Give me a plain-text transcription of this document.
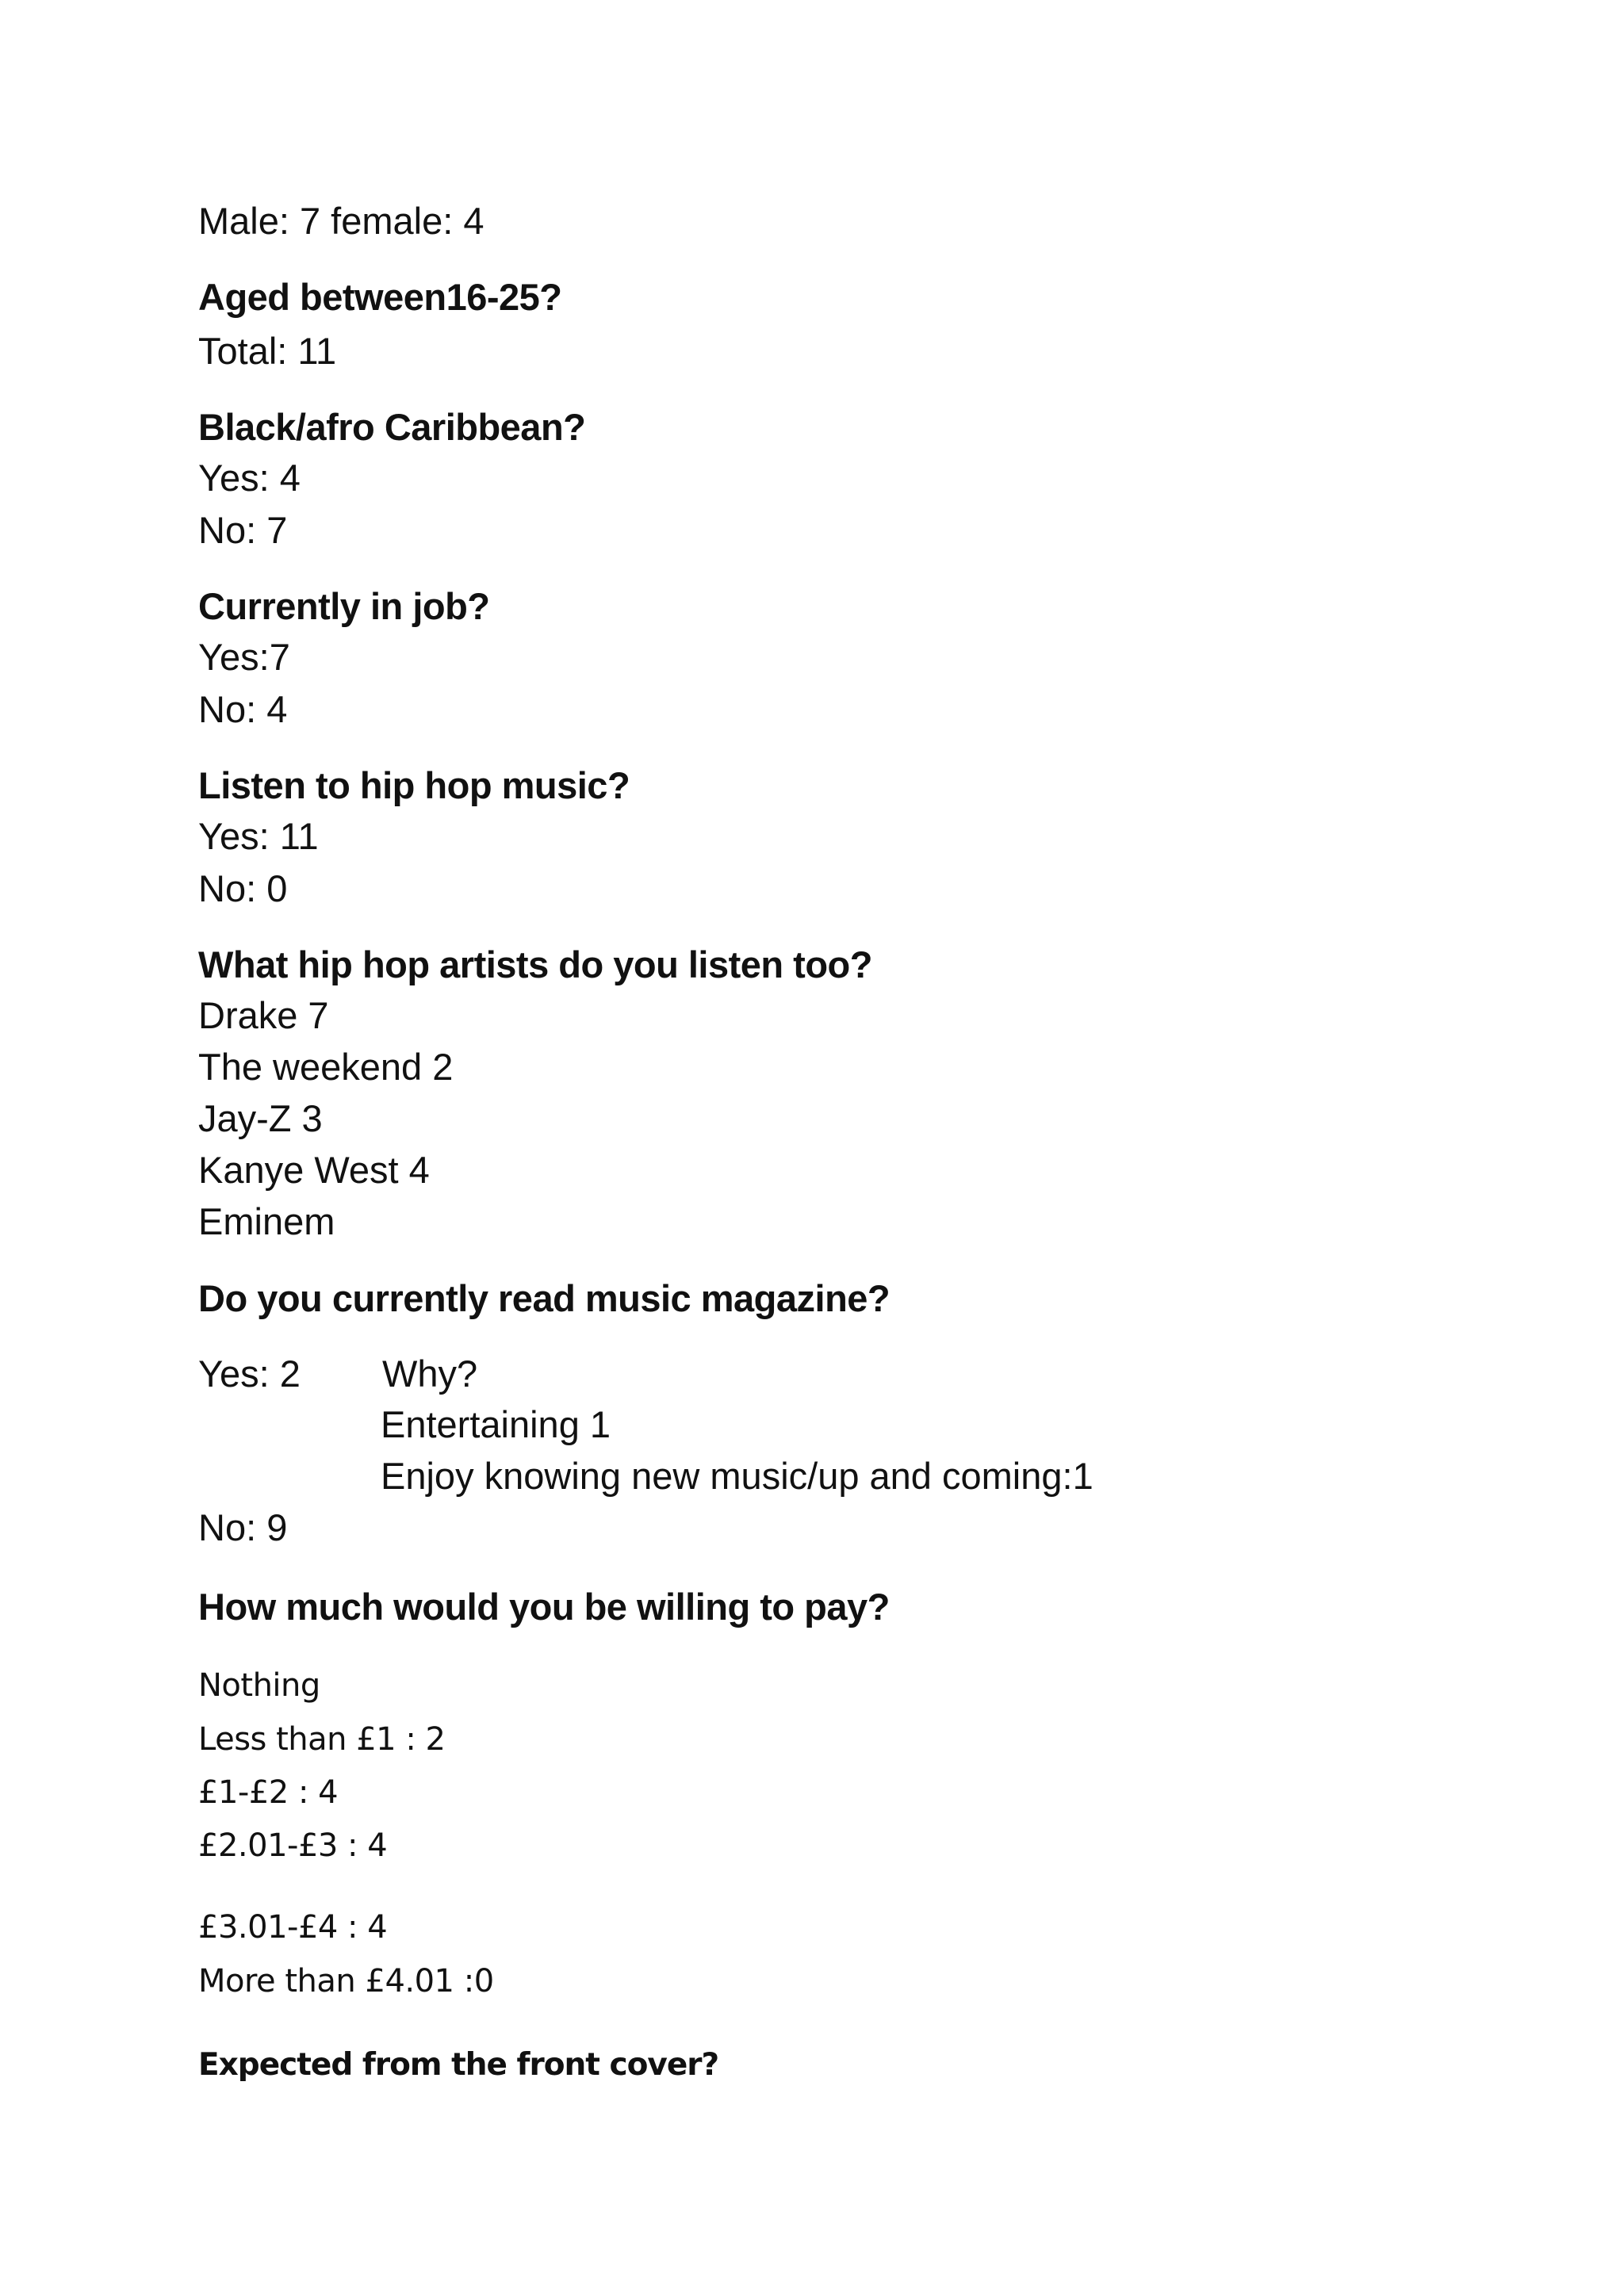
Male: 7 female: 4
Aged between16-25?
Total: 11
Black/afro Caribbean?
Yes: 4
No: 7
Currently in job?
Yes:7
No: 4
Listen to hip hop music?
Yes: 11
No: 0
What hip hop artists do you listen too?
Drake 7
The weekend 2
Jay-Z 3
Kanye West 4
Eminem
Do you currently read music magazine?
Yes: 2 Why?
Entertaining 1
Enjoy knowing new music/up and coming:1
No: 9
How much would you be willing to pay?
Nothing
Less than £1 : 2
£1-£2 : 4
£2.01-£3 : 4
£3.01-£4 : 4
More than £4.01 :0
Expected from the front cover?
